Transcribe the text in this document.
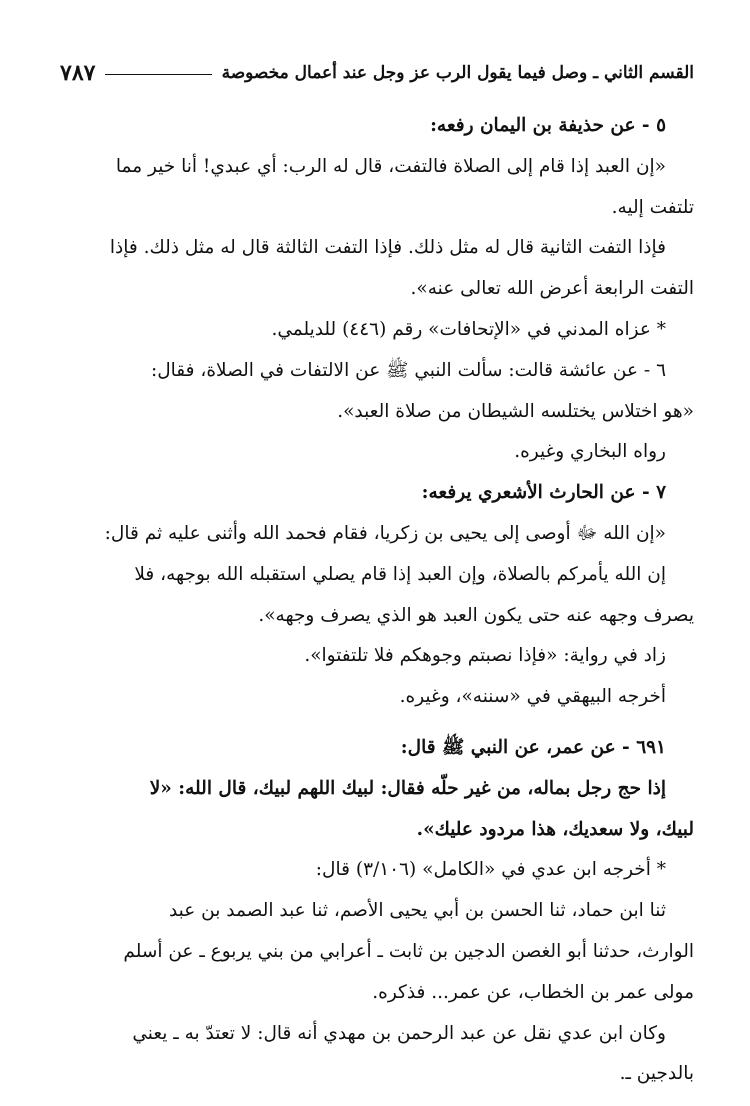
القسم الثاني ـ وصل فيما يقول الرب عز وجل عند أعمال مخصوصة
٧٨٧
٥ - عن حذيفة بن اليمان رفعه:
«إن العبد إذا قام إلى الصلاة فالتفت، قال له الرب: أي عبدي! أنا خير مما
تلتفت إليه.
فإذا التفت الثانية قال له مثل ذلك. فإذا التفت الثالثة قال له مثل ذلك. فإذا
التفت الرابعة أعرض الله تعالى عنه».
* عزاه المدني في «الإتحافات» رقم (٤٤٦) للديلمي.
٦ - عن عائشة قالت: سألت النبي ﷺ عن الالتفات في الصلاة، فقال:
«هو اختلاس يختلسه الشيطان من صلاة العبد».
رواه البخاري وغيره.
٧ - عن الحارث الأشعري يرفعه:
«إن الله ﷻ أوصى إلى يحيى بن زكريا، فقام فحمد الله وأثنى عليه ثم قال:
إن الله يأمركم بالصلاة، وإن العبد إذا قام يصلي استقبله الله بوجهه، فلا
يصرف وجهه عنه حتى يكون العبد هو الذي يصرف وجهه».
زاد في رواية: «فإذا نصبتم وجوهكم فلا تلتفتوا».
أخرجه البيهقي في «سننه»، وغيره.
٦٩١ - عن عمر، عن النبي ﷺ قال:
إذا حج رجل بماله، من غير حلّه فقال: لبيك اللهم لبيك، قال الله: «لا
لبيك، ولا سعديك، هذا مردود عليك».
* أخرجه ابن عدي في «الكامل» (٣/١٠٦) قال:
ثنا ابن حماد، ثنا الحسن بن أبي يحيى الأصم، ثنا عبد الصمد بن عبد
الوارث، حدثنا أبو الغصن الدجين بن ثابت ـ أعرابي من بني يربوع ـ عن أسلم
مولى عمر بن الخطاب، عن عمر... فذكره.
وكان ابن عدي نقل عن عبد الرحمن بن مهدي أنه قال: لا تعتدّ به ـ يعني
بالدجين ـ.
